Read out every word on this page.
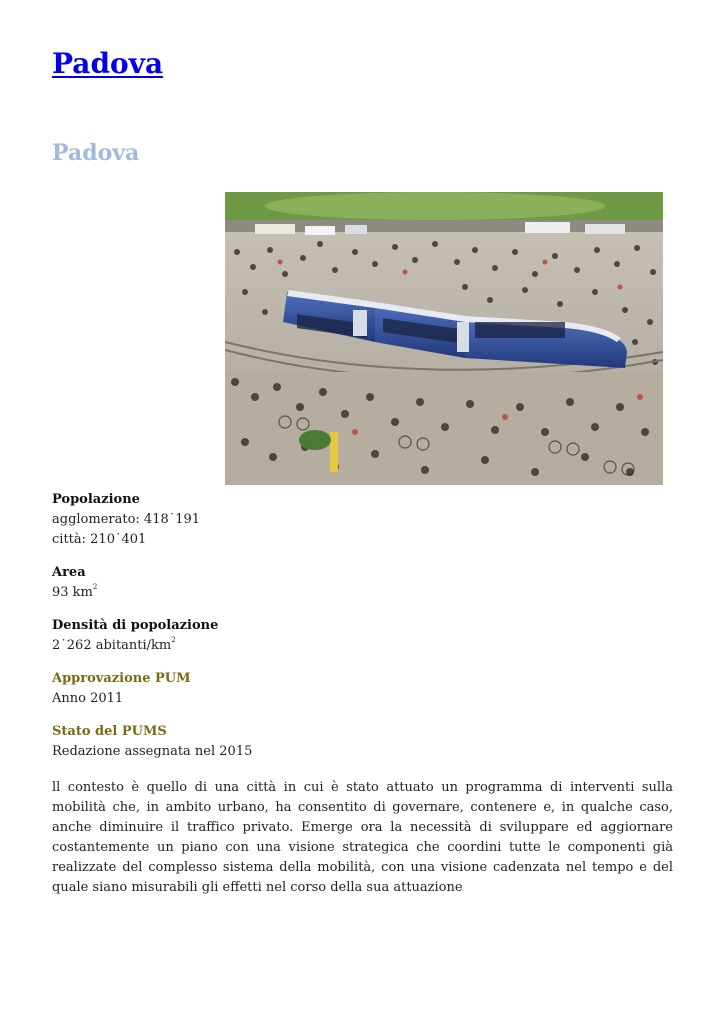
Padova
Padova
Popolazione
agglomerato: 418˙191
città: 210˙401
Area
93 $km^2$
Densità di popolazione
2˙262 abitanti/$km^2$
Approvazione PUM
Anno 2011
Stato del PUMS
Redazione assegnata nel 2015

ll contesto è quello di una città in cui è stato attuato un programma di interventi sulla mobilità che, in ambito urbano, ha consentito di governare, contenere e, in qualche caso, anche diminuire il traffico privato. Emerge ora la necessità di sviluppare ed aggiornare costantemente un piano con una visione strategica che coordini tutte le componenti già realizzate del complesso sistema della mobilità, con una visione cadenzata nel tempo e del quale siano misurabili gli effetti nel corso della sua attuazione
